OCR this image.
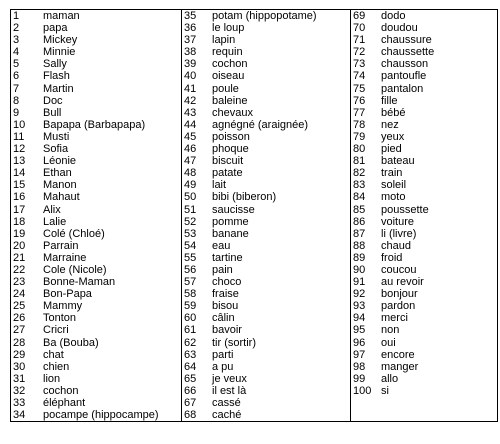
1	maman
2	papa
3	Mickey
4	Minnie
5	Sally
6	Flash
7	Martin
8	Doc
9	Bull
10	Bapapa (Barbapapa)
11	Musti
12	Sofia
13	Léonie
14	Ethan
15	Manon
16	Mahaut
17	Alix
18	Lalie
19	Colé (Chloé)
20	Parrain
21	Marraine
22	Cole (Nicole)
23	Bonne-Maman
24	Bon-Papa
25	Mammy
26	Tonton
27	Cricri
28	Ba (Bouba)
29	chat
30	chien
31	lion
32	cochon
33	éléphant
34	pocampe (hippocampe)

35	potam (hippopotame)
36	le loup
37	lapin
38	requin
39	cochon
40	oiseau
41	poule
42	baleine
43	chevaux
44	agnégné (araignée)
45	poisson
46	phoque
47	biscuit
48	patate
49	lait
50	bibi (biberon)
51	saucisse
52	pomme
53	banane
54	eau
55	tartine
56	pain
57	choco
58	fraise
59	bisou
60	câlin
61	bavoir
62	tir (sortir)
63	parti
64	a pu
65	je veux
66	il est là
67	cassé
68	caché

69	dodo
70	doudou
71	chaussure
72	chaussette
73	chausson
74	pantoufle
75	pantalon
76	fille
77	bébé
78	nez
79	yeux
80	pied
81	bateau
82	train
83	soleil
84	moto
85	poussette
86	voiture
87	li (livre)
88	chaud
89	froid
90	coucou
91	au revoir
92	bonjour
93	pardon
94	merci
95	non
96	oui
97	encore
98	manger
99	allo
100 si
